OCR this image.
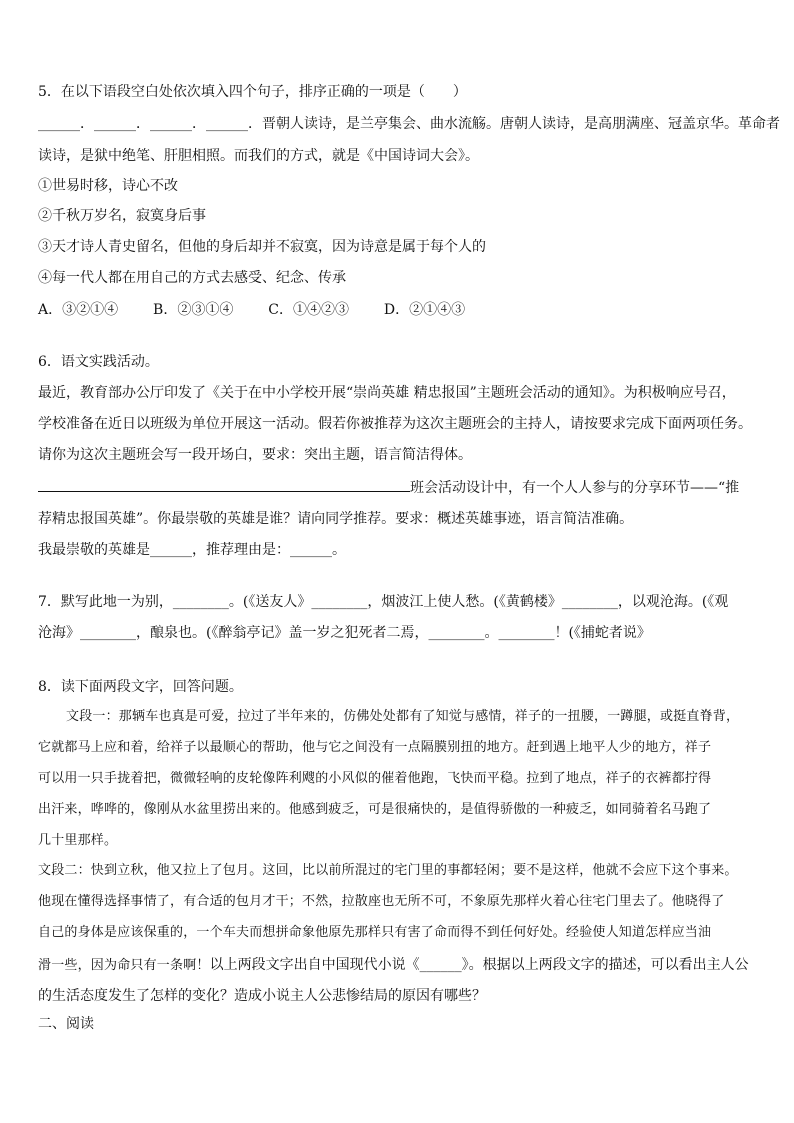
5．在以下语段空白处依次填入四个句子，排序正确的一项是（　　）
______．______．______．______．晋朝人读诗，是兰亭集会、曲水流觞。唐朝人读诗，是高朋满座、冠盖京华。革命者
读诗，是狱中绝笔、肝胆相照。而我们的方式，就是《中国诗词大会》。
①世易时移，诗心不改
②千秋万岁名，寂寞身后事
③天才诗人青史留名，但他的身后却并不寂寞，因为诗意是属于每个人的
④每一代人都在用自己的方式去感受、纪念、传承
A．③②①④ B．②③①④ C．①④②③ D．②①④③
6．语文实践活动。
最近，教育部办公厅印发了《关于在中小学校开展“崇尚英雄 精忠报国”主题班会活动的通知》。为积极响应号召，
学校准备在近日以班级为单位开展这一活动。假若你被推荐为这次主题班会的主持人，请按要求完成下面两项任务。
请你为这次主题班会写一段开场白，要求：突出主题，语言简洁得体。
班会活动设计中，有一个人人参与的分享环节——“推
荐精忠报国英雄”。你最崇敬的英雄是谁？请向同学推荐。要求：概述英雄事迹，语言简洁准确。
我最崇敬的英雄是______，推荐理由是：______。
7．默写此地一为别，________。(《送友人》________，烟波江上使人愁。(《黄鹤楼》________，以观沧海。(《观
沧海》________，酿泉也。(《醉翁亭记》盖一岁之犯死者二焉，________。________！(《捕蛇者说》
8．读下面两段文字，回答问题。
文段一：那辆车也真是可爱，拉过了半年来的，仿佛处处都有了知觉与感情，祥子的一扭腰，一蹲腿，或挺直脊背，
它就都马上应和着，给祥子以最顺心的帮助，他与它之间没有一点隔膜别扭的地方。赶到遇上地平人少的地方，祥子
可以用一只手拢着把，微微轻响的皮轮像阵利飕的小风似的催着他跑，飞快而平稳。拉到了地点，祥子的衣裤都拧得
出汗来，哗哗的，像刚从水盆里捞出来的。他感到疲乏，可是很痛快的，是值得骄傲的一种疲乏，如同骑着名马跑了
几十里那样。
文段二：快到立秋，他又拉上了包月。这回，比以前所混过的宅门里的事都轻闲；要不是这样，他就不会应下这个事来。
他现在懂得选择事情了，有合适的包月才干；不然，拉散座也无所不可，不象原先那样火着心往宅门里去了。他晓得了
自己的身体是应该保重的，一个车夫而想拼命象他原先那样只有害了命而得不到任何好处。经验使人知道怎样应当油
滑一些，因为命只有一条啊！以上两段文字出自中国现代小说《______》。根据以上两段文字的描述，可以看出主人公
的生活态度发生了怎样的变化？造成小说主人公悲惨结局的原因有哪些？
二、阅读
